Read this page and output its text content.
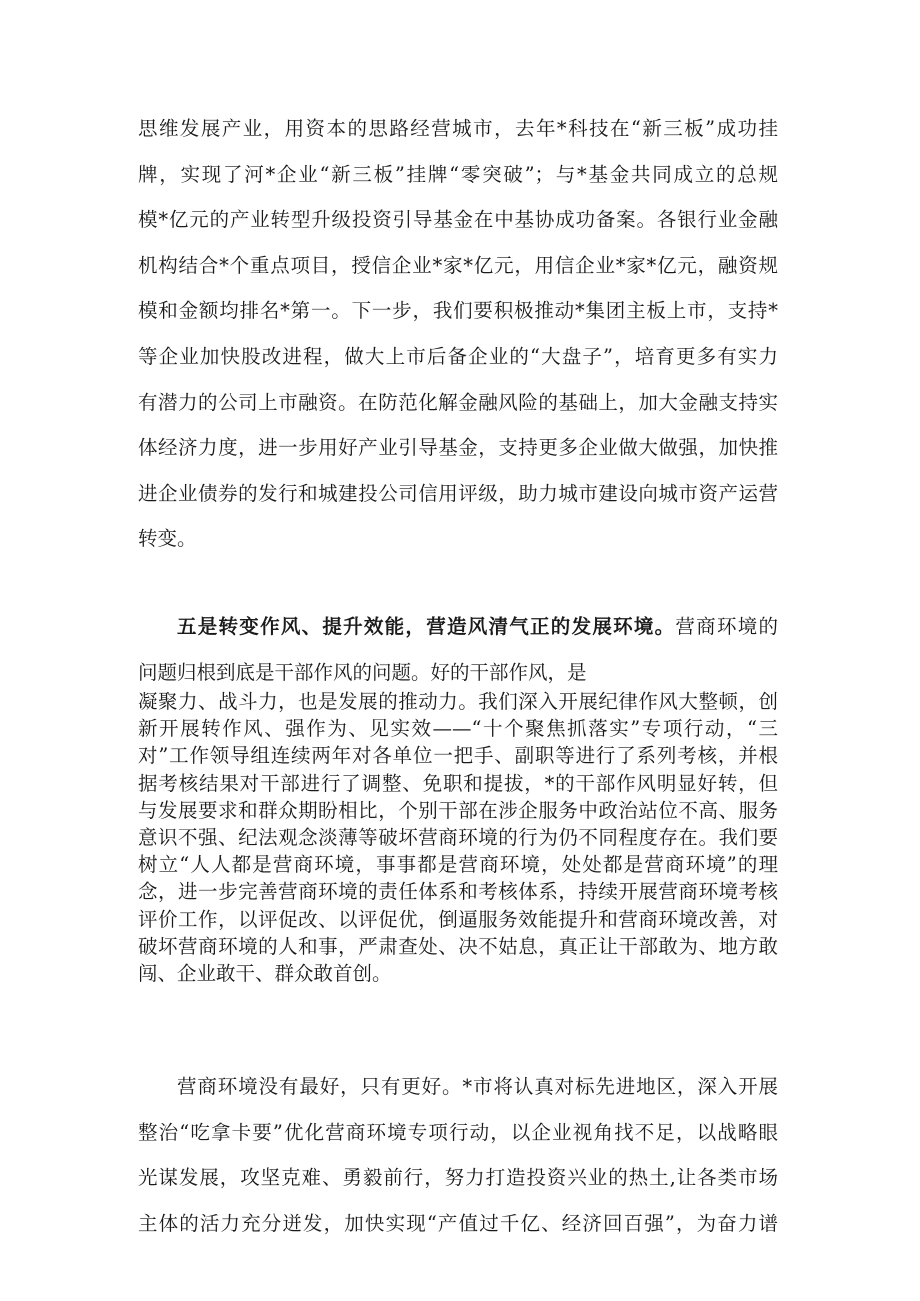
思维发展产业，用资本的思路经营城市，去年*科技在“新三板”成功挂
牌，实现了河*企业“新三板”挂牌“零突破”；与*基金共同成立的总规
模*亿元的产业转型升级投资引导基金在中基协成功备案。各银行业金融
机构结合*个重点项目，授信企业*家*亿元，用信企业*家*亿元，融资规
模和金额均排名*第一。下一步，我们要积极推动*集团主板上市，支持*
等企业加快股改进程，做大上市后备企业的“大盘子”，培育更多有实力
有潜力的公司上市融资。在防范化解金融风险的基础上，加大金融支持实
体经济力度，进一步用好产业引导基金，支持更多企业做大做强，加快推
进企业债券的发行和城建投公司信用评级，助力城市建设向城市资产运营
转变。
五是转变作风、提升效能，营造风清气正的发展环境。营商环境的
问题归根到底是干部作风的问题。好的干部作风，是
凝聚力、战斗力，也是发展的推动力。我们深入开展纪律作风大整顿，创
新开展转作风、强作为、见实效——“十个聚焦抓落实”专项行动，“三
对”工作领导组连续两年对各单位一把手、副职等进行了系列考核，并根
据考核结果对干部进行了调整、免职和提拔，*的干部作风明显好转，但
与发展要求和群众期盼相比，个别干部在涉企服务中政治站位不高、服务
意识不强、纪法观念淡薄等破坏营商环境的行为仍不同程度存在。我们要
树立“人人都是营商环境，事事都是营商环境，处处都是营商环境”的理
念，进一步完善营商环境的责任体系和考核体系，持续开展营商环境考核
评价工作，以评促改、以评促优，倒逼服务效能提升和营商环境改善，对
破坏营商环境的人和事，严肃查处、决不姑息，真正让干部敢为、地方敢
闯、企业敢干、群众敢首创。
营商环境没有最好，只有更好。*市将认真对标先进地区，深入开展
整治“吃拿卡要”优化营商环境专项行动，以企业视角找不足，以战略眼
光谋发展，攻坚克难、勇毅前行，努力打造投资兴业的热土,让各类市场
主体的活力充分迸发，加快实现“产值过千亿、经济回百强”，为奋力谱
